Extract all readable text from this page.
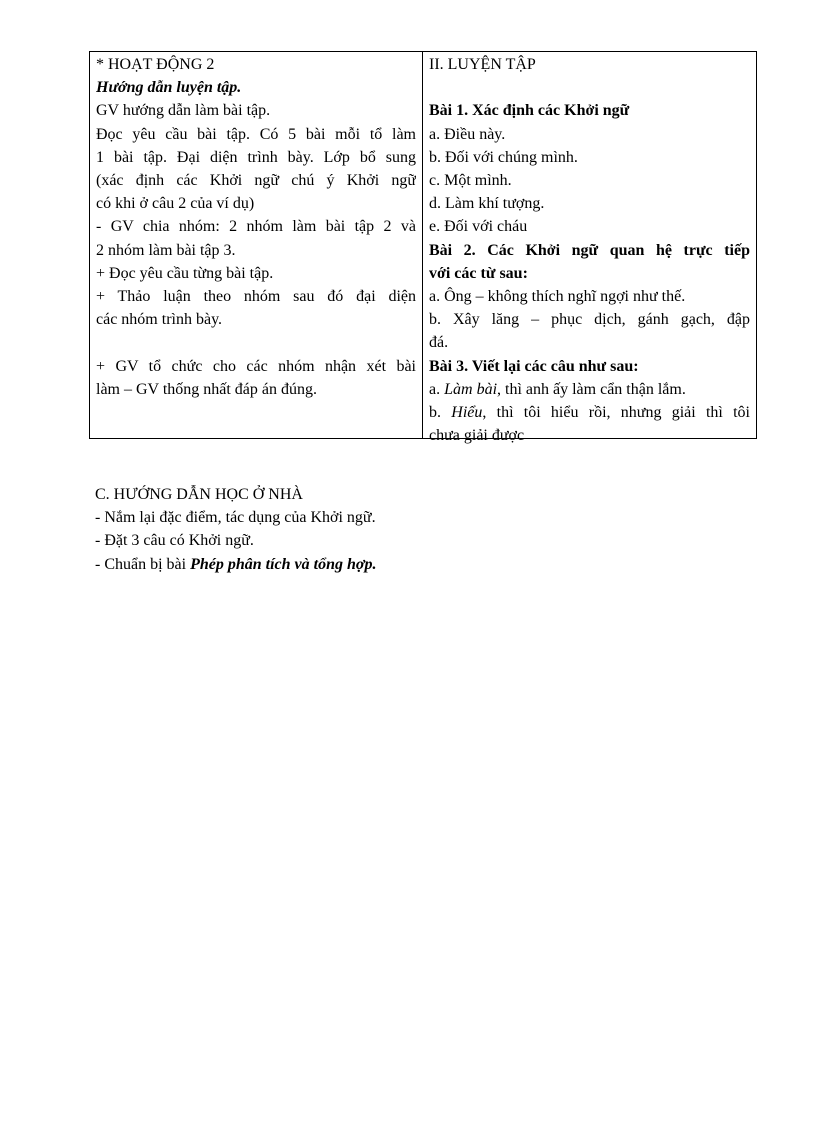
* HOẠT ĐỘNG 2
Hướng dẫn luyện tập.
GV hướng dẫn làm bài tập.
Đọc yêu cầu bài tập. Có 5 bài mỗi tổ làm
1 bài tập. Đại diện trình bày. Lớp bổ sung
(xác định các Khởi ngữ chú ý Khởi ngữ
có khi ở câu 2 của ví dụ)
- GV chia nhóm: 2 nhóm làm bài tập 2 và
2 nhóm làm bài tập 3.
+ Đọc yêu cầu từng bài tập.
+ Thảo luận theo nhóm sau đó đại diện
các nhóm trình bày.
+ GV tổ chức cho các nhóm nhận xét bài
làm – GV thống nhất đáp án đúng.
II. LUYỆN TẬP
Bài 1. Xác định các Khởi ngữ
a. Điều này.
b. Đối với chúng mình.
c. Một mình.
d. Làm khí tượng.
e. Đối với cháu
Bài 2. Các Khởi ngữ quan hệ trực tiếp
với các từ sau:
a. Ông – không thích nghĩ ngợi như thế.
b. Xây lăng – phục dịch, gánh gạch, đập
đá.
Bài 3. Viết lại các câu như sau:
a. Làm bài, thì anh ấy làm cẩn thận lắm.
b. Hiểu, thì tôi hiểu rồi, nhưng giải thì tôi
chưa giải được
C. HƯỚNG DẪN HỌC Ở NHÀ
- Nắm lại đặc điểm, tác dụng của Khởi ngữ.
- Đặt 3 câu có Khởi ngữ.
- Chuẩn bị bài Phép phân tích và tổng hợp.
